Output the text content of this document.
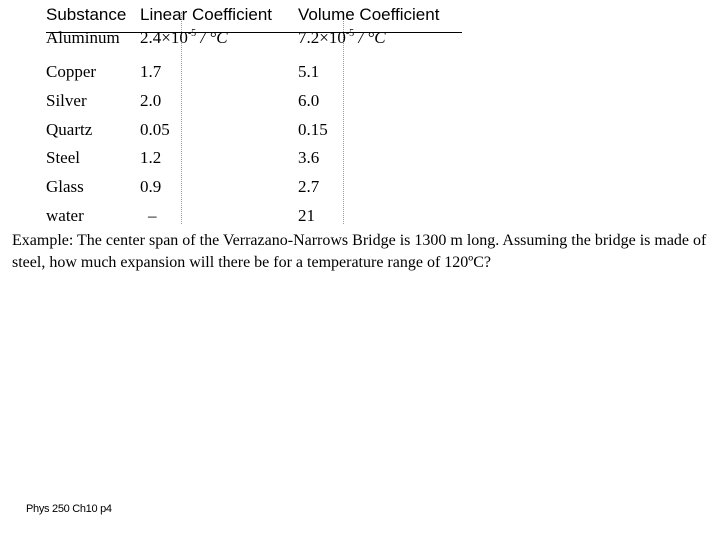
Substance
Aluminum
Copper
Silver
Quartz
Steel
Glass
water
Linear Coefficient
$2.4\times 10^{-5} / ^\circ C$
1.7
2.0
0.05
1.2
0.9
–
Volume Coefficient
$7.2\times 10^{-5} / ^\circ C$
5.1
6.0
0.15
3.6
2.7
21

Example: The center span of the Verrazano-Narrows Bridge is 1300 m long. Assuming the bridge is made of steel, how much expansion will there be for a temperature range of 120ºC?

Phys 250 Ch10 p4
